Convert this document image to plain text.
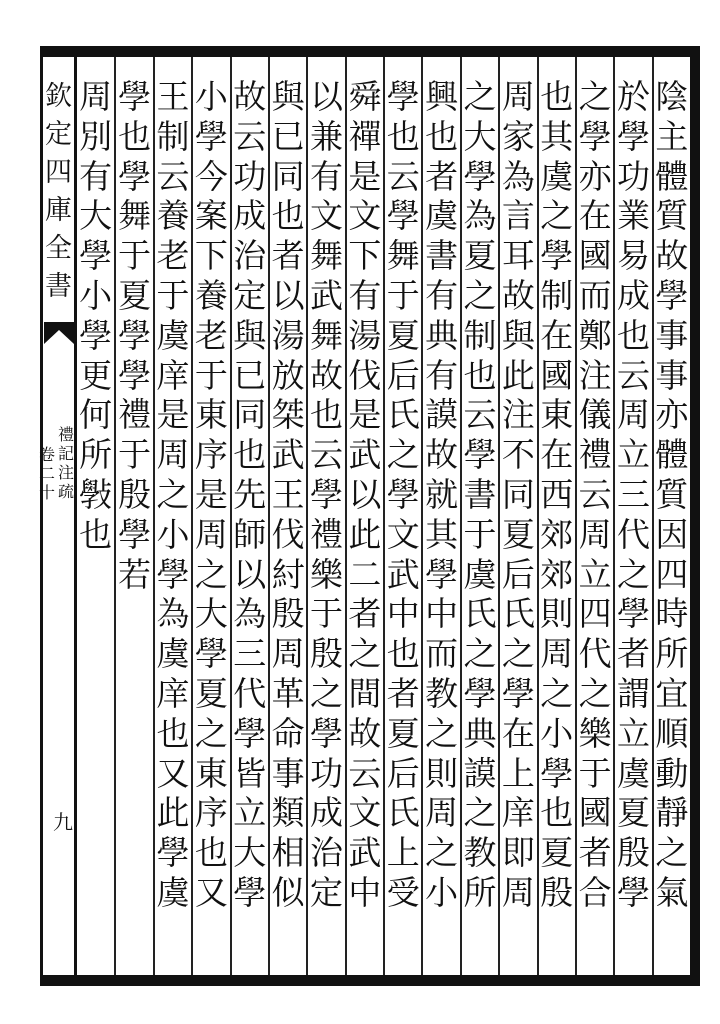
欽
定
四
庫
全
書
禮
記
注
疏
卷
二
十
九
陰
主
體
質
故
學
事
事
亦
體
質
因
四
時
所
宜
順
動
靜
之
氣
於
學
功
業
易
成
也
云
周
立
三
代
之
學
者
謂
立
虞
夏
殷
學
之
學
亦
在
國
而
鄭
注
儀
禮
云
周
立
四
代
之
樂
于
國
者
合
也
其
虞
之
學
制
在
國
東
在
西
郊
郊
則
周
之
小
學
也
夏
殷
周
家
為
言
耳
故
與
此
注
不
同
夏
后
氏
之
學
在
上
庠
即
周
之
大
學
為
夏
之
制
也
云
學
書
于
虞
氏
之
學
典
謨
之
教
所
興
也
者
虞
書
有
典
有
謨
故
就
其
學
中
而
教
之
則
周
之
小
學
也
云
學
舞
于
夏
后
氏
之
學
文
武
中
也
者
夏
后
氏
上
受
舜
禪
是
文
下
有
湯
伐
是
武
以
此
二
者
之
間
故
云
文
武
中
以
兼
有
文
舞
武
舞
故
也
云
學
禮
樂
于
殷
之
學
功
成
治
定
與
已
同
也
者
以
湯
放
桀
武
王
伐
紂
殷
周
革
命
事
類
相
似
故
云
功
成
治
定
與
已
同
也
先
師
以
為
三
代
學
皆
立
大
學
小
學
今
案
下
養
老
于
東
序
是
周
之
大
學
夏
之
東
序
也
又
王
制
云
養
老
于
虞
庠
是
周
之
小
學
為
虞
庠
也
又
此
學
虞
學
也
學
舞
于
夏
學
學
禮
于
殷
學
若
周
別
有
大
學
小
學
更
何
所
斅
也
